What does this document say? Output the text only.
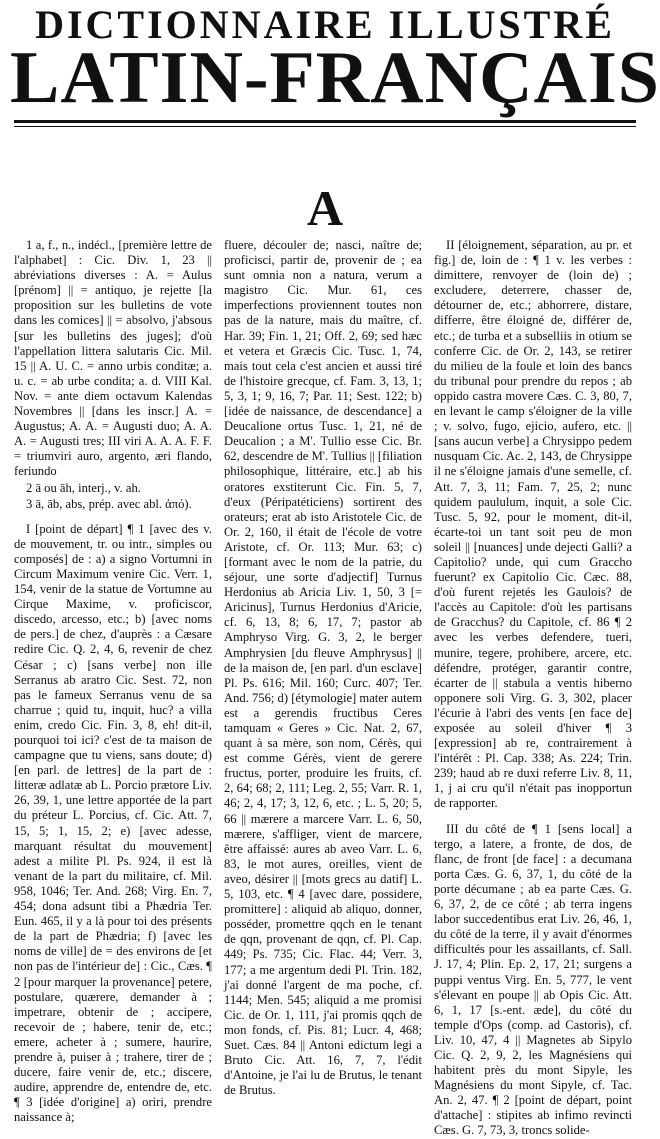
DICTIONNAIRE ILLUSTRÉ
LATIN-FRANÇAIS
A

1 a, f., n., indécl., [première lettre de l'alphabet] : Cic. Div. 1, 23 || abréviations diverses : A. = Aulus [prénom] || = antiquo, je rejette [la proposition sur les bulletins de vote dans les comices] || = absolvo, j'absous [sur les bulletins des juges]; d'où l'appellation littera salutaris Cic. Mil. 15 || A. U. C. = anno urbis conditæ; a. u. c. = ab urbe condita; a. d. VIII Kal. Nov. = ante diem octavum Kalendas Novembres || [dans les inscr.] A. = Augustus; A. A. = Augusti duo; A. A. A. = Augusti tres; III viri A. A. A. F. F. = triumviri auro, argento, æri flando, feriundo

2 ā ou āh, interj., v. ah.

3 ā, āb, abs, prép. avec abl. ἀπό).

I [point de départ] ¶ 1 [avec des v. de mouvement, tr. ou intr., simples ou composés] de : a) a signo Vortumni in Circum Maximum venire Cic. Verr. 1, 154, venir de la statue de Vortumne au Cirque Maxime, v. proficiscor, discedo, arcesso, etc.; b) [avec noms de pers.] de chez, d'auprès : a Cæsare redire Cic. Q. 2, 4, 6, revenir de chez César ; c) [sans verbe] non ille Serranus ab aratro Cic. Sest. 72, non pas le fameux Serranus venu de sa charrue ; quid tu, inquit, huc? a villa enim, credo Cic. Fin. 3, 8, eh! dit-il, pourquoi toi ici? c'est de ta maison de campagne que tu viens, sans doute; d) [en parl. de lettres] de la part de : litteræ adlatæ ab L. Porcio prætore Liv. 26, 39, 1, une lettre apportée de la part du préteur L. Porcius, cf. Cic. Att. 7, 15, 5; 1, 15, 2; e) [avec adesse, marquant résultat du mouvement] adest a milite Pl. Ps. 924, il est là venant de la part du militaire, cf. Mil. 958, 1046; Ter. And. 268; Virg. En. 7, 454; dona adsunt tibi a Phædria Ter. Eun. 465, il y a là pour toi des présents de la part de Phædria; f) [avec les noms de ville] de = des environs de [et non pas de l'intérieur de] : Cic., Cæs. ¶ 2 [pour marquer la provenance] petere, postulare, quærere, demander à ; impetrare, obtenir de ; accipere, recevoir de ; habere, tenir de, etc.; emere, acheter à ; sumere, haurire, prendre à, puiser à ; trahere, tirer de ; ducere, faire venir de, etc.; discere, audire, apprendre de, entendre de, etc. ¶ 3 [idée d'origine] a) oriri, prendre naissance à;

fluere, découler de; nasci, naître de; proficisci, partir de, provenir de ; ea sunt omnia non a natura, verum a magistro Cic. Mur. 61, ces imperfections proviennent toutes non pas de la nature, mais du maître, cf. Har. 39; Fin. 1, 21; Off. 2, 69; sed hæc et vetera et Græcis Cic. Tusc. 1, 74, mais tout cela c'est ancien et aussi tiré de l'histoire grecque, cf. Fam. 3, 13, 1; 5, 3, 1; 9, 16, 7; Par. 11; Sest. 122; b) [idée de naissance, de descendance] a Deucalione ortus Tusc. 1, 21, né de Deucalion ; a M'. Tullio esse Cic. Br. 62, descendre de M'. Tullius || [filiation philosophique, littéraire, etc.] ab his oratores exstiterunt Cic. Fin. 5, 7, d'eux (Péripatéticiens) sortirent des orateurs; erat ab isto Aristotele Cic. de Or. 2, 160, il était de l'école de votre Aristote, cf. Or. 113; Mur. 63; c) [formant avec le nom de la patrie, du séjour, une sorte d'adjectif] Turnus Herdonius ab Aricia Liv. 1, 50, 3 [= Aricinus], Turnus Herdonius d'Aricie, cf. 6, 13, 8; 6, 17, 7; pastor ab Amphryso Virg. G. 3, 2, le berger Amphrysien [du fleuve Amphrysus] || de la maison de, [en parl. d'un esclave] Pl. Ps. 616; Mil. 160; Curc. 407; Ter. And. 756; d) [étymologie] mater autem est a gerendis fructibus Ceres tamquam « Geres » Cic. Nat. 2, 67, quant à sa mère, son nom, Cérès, qui est comme Gérès, vient de gerere fructus, porter, produire les fruits, cf. 2, 64; 68; 2, 111; Leg. 2, 55; Varr. R. 1, 46; 2, 4, 17; 3, 12, 6, etc. ; L. 5, 20; 5, 66 || mærere a marcere Varr. L. 6, 50, mærere, s'affliger, vient de marcere, être affaissé: aures ab aveo Varr. L. 6, 83, le mot aures, oreilles, vient de aveo, désirer || [mots grecs au datif] L. 5, 103, etc. ¶ 4 [avec dare, possidere, promittere] : aliquid ab aliquo, donner, posséder, promettre qqch en le tenant de qqn, provenant de qqn, cf. Pl. Cap. 449; Ps. 735; Cic. Flac. 44; Verr. 3, 177; a me argentum dedi Pl. Trin. 182, j'ai donné l'argent de ma poche, cf. 1144; Men. 545; aliquid a me promisi Cic. de Or. 1, 111, j'ai promis qqch de mon fonds, cf. Pis. 81; Lucr. 4, 468; Suet. Cæs. 84 || Antoni edictum legi a Bruto Cic. Att. 16, 7, 7, l'édit d'Antoine, je l'ai lu de Brutus, le tenant de Brutus.

II [éloignement, séparation, au pr. et fig.] de, loin de : ¶ 1 v. les verbes : dimittere, renvoyer de (loin de) ; excludere, deterrere, chasser de, détourner de, etc.; abhorrere, distare, differre, être éloigné de, différer de, etc.; de turba et a subselliis in otium se conferre Cic. de Or. 2, 143, se retirer du milieu de la foule et loin des bancs du tribunal pour prendre du repos ; ab oppido castra movere Cæs. C. 3, 80, 7, en levant le camp s'éloigner de la ville ; v. solvo, fugo, ejicio, aufero, etc. || [sans aucun verbe] a Chrysippo pedem nusquam Cic. Ac. 2, 143, de Chrysippe il ne s'éloigne jamais d'une semelle, cf. Att. 7, 3, 11; Fam. 7, 25, 2; nunc quidem paululum, inquit, a sole Cic. Tusc. 5, 92, pour le moment, dit-il, écarte-toi un tant soit peu de mon soleil || [nuances] unde dejecti Galli? a Capitolio? unde, qui cum Graccho fuerunt? ex Capitolio Cic. Cæc. 88, d'où furent rejetés les Gaulois? de l'accès au Capitole: d'où les partisans de Gracchus? du Capitole, cf. 86 ¶ 2 avec les verbes defendere, tueri, munire, tegere, prohibere, arcere, etc. défendre, protéger, garantir contre, écarter de || stabula a ventis hiberno opponere soli Virg. G. 3, 302, placer l'écurie à l'abri des vents [en face de] exposée au soleil d'hiver ¶ 3 [expression] ab re, contrairement à l'intérêt : Pl. Cap. 338; As. 224; Trin. 239; haud ab re duxi referre Liv. 8, 11, 1, j ai cru qu'il n'était pas inopportun de rapporter.

III du côté de ¶ 1 [sens local] a tergo, a latere, a fronte, de dos, de flanc, de front [de face] : a decumana porta Cæs. G. 6, 37, 1, du côté de la porte décumane ; ab ea parte Cæs. G. 6, 37, 2, de ce côté ; ab terra ingens labor succedentibus erat Liv. 26, 46, 1, du côté de la terre, il y avait d'énormes difficultés pour les assaillants, cf. Sall. J. 17, 4; Plin. Ep. 2, 17, 21; surgens a puppi ventus Virg. En. 5, 777, le vent s'élevant en poupe || ab Opis Cic. Att. 6, 1, 17 [s.-ent. æde], du côté du temple d'Ops (comp. ad Castoris), cf. Liv. 10, 47, 4 || Magnetes ab Sipylo Cic. Q. 2, 9, 2, les Magnésiens qui habitent près du mont Sipyle, les Magnésiens du mont Sipyle, cf. Tac. An. 2, 47. ¶ 2 [point de départ, point d'attache] : stipites ab infimo revincti Cæs. G. 7, 73, 3, troncs solide-
